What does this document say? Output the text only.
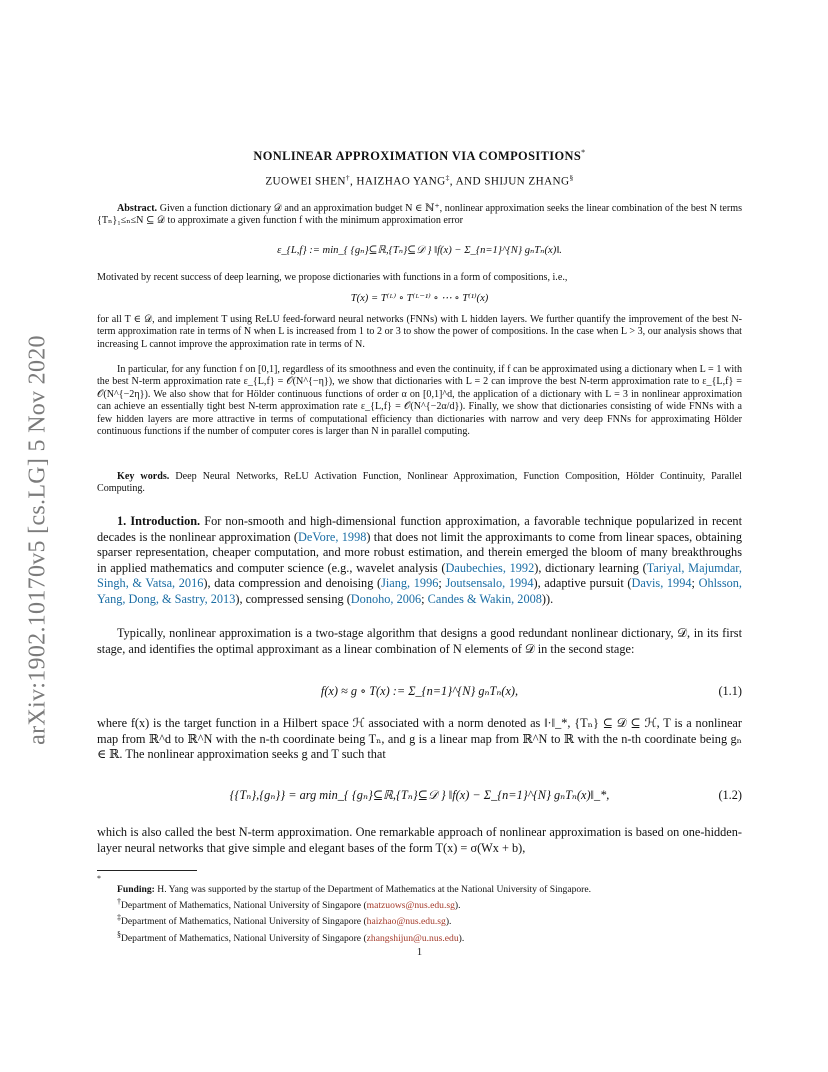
arXiv:1902.10170v5 [cs.LG] 5 Nov 2020
NONLINEAR APPROXIMATION VIA COMPOSITIONS*
ZUOWEI SHEN†, HAIZHAO YANG‡, AND SHIJUN ZHANG§
Abstract. Given a function dictionary 𝒟 and an approximation budget N ∈ ℕ⁺, nonlinear approximation seeks the linear combination of the best N terms {Tₙ}₁≤ₙ≤N ⊆ 𝒟 to approximate a given function f with the minimum approximation error
ε_{L,f} := min_{ {gₙ}⊆ℝ,{Tₙ}⊆𝒟 } ‖f(x) − Σ_{n=1}^{N} gₙTₙ(x)‖.
Motivated by recent success of deep learning, we propose dictionaries with functions in a form of compositions, i.e.,
T(x) = T⁽ᴸ⁾ ∘ T⁽ᴸ⁻¹⁾ ∘ ⋯ ∘ T⁽¹⁾(x)
for all T ∈ 𝒟, and implement T using ReLU feed-forward neural networks (FNNs) with L hidden layers. We further quantify the improvement of the best N-term approximation rate in terms of N when L is increased from 1 to 2 or 3 to show the power of compositions. In the case when L > 3, our analysis shows that increasing L cannot improve the approximation rate in terms of N.
In particular, for any function f on [0,1], regardless of its smoothness and even the continuity, if f can be approximated using a dictionary when L = 1 with the best N-term approximation rate ε_{L,f} = 𝒪(N^{−η}), we show that dictionaries with L = 2 can improve the best N-term approximation rate to ε_{L,f} = 𝒪(N^{−2η}). We also show that for Hölder continuous functions of order α on [0,1]^d, the application of a dictionary with L = 3 in nonlinear approximation can achieve an essentially tight best N-term approximation rate ε_{L,f} = 𝒪(N^{−2α/d}). Finally, we show that dictionaries consisting of wide FNNs with a few hidden layers are more attractive in terms of computational efficiency than dictionaries with narrow and very deep FNNs for approximating Hölder continuous functions if the number of computer cores is larger than N in parallel computing.
Key words. Deep Neural Networks, ReLU Activation Function, Nonlinear Approximation, Function Composition, Hölder Continuity, Parallel Computing.
1. Introduction. For non-smooth and high-dimensional function approximation, a favorable technique popularized in recent decades is the nonlinear approximation (DeVore, 1998) that does not limit the approximants to come from linear spaces, obtaining sparser representation, cheaper computation, and more robust estimation, and therein emerged the bloom of many breakthroughs in applied mathematics and computer science (e.g., wavelet analysis (Daubechies, 1992), dictionary learning (Tariyal, Majumdar, Singh, & Vatsa, 2016), data compression and denoising (Jiang, 1996; Joutsensalo, 1994), adaptive pursuit (Davis, 1994; Ohlsson, Yang, Dong, & Sastry, 2013), compressed sensing (Donoho, 2006; Candes & Wakin, 2008)).
Typically, nonlinear approximation is a two-stage algorithm that designs a good redundant nonlinear dictionary, 𝒟, in its first stage, and identifies the optimal approximant as a linear combination of N elements of 𝒟 in the second stage:
f(x) ≈ g ∘ T(x) := Σ_{n=1}^{N} gₙTₙ(x),	(1.1)
where f(x) is the target function in a Hilbert space ℋ associated with a norm denoted as ‖·‖_*, {Tₙ} ⊆ 𝒟 ⊆ ℋ, T is a nonlinear map from ℝ^d to ℝ^N with the n-th coordinate being Tₙ, and g is a linear map from ℝ^N to ℝ with the n-th coordinate being gₙ ∈ ℝ. The nonlinear approximation seeks g and T such that
{{Tₙ},{gₙ}} = arg min_{ {gₙ}⊆ℝ,{Tₙ}⊆𝒟 } ‖f(x) − Σ_{n=1}^{N} gₙTₙ(x)‖_*,	(1.2)
which is also called the best N-term approximation. One remarkable approach of nonlinear approximation is based on one-hidden-layer neural networks that give simple and elegant bases of the form T(x) = σ(Wx + b),
*
Funding: H. Yang was supported by the startup of the Department of Mathematics at the National University of Singapore.
†Department of Mathematics, National University of Singapore (matzuows@nus.edu.sg).
‡Department of Mathematics, National University of Singapore (haizhao@nus.edu.sg).
§Department of Mathematics, National University of Singapore (zhangshijun@u.nus.edu).
1
